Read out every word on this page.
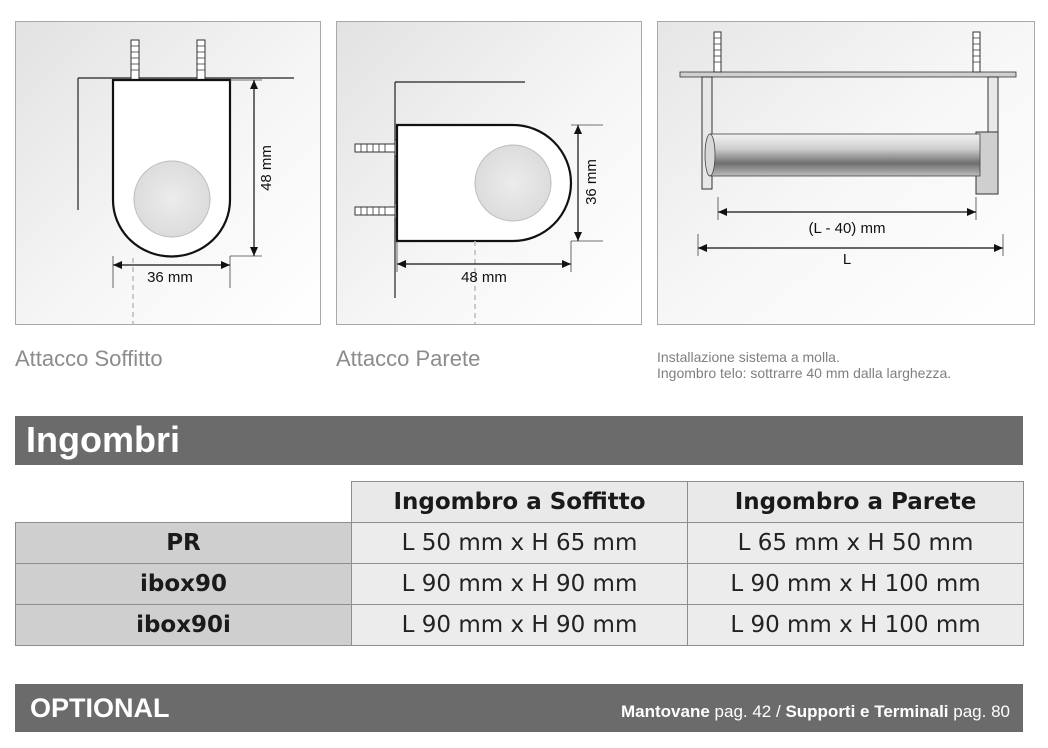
48 mm
36 mm
36 mm
48 mm
(L - 40) mm
L
Attacco Soffitto	Attacco Parete	Installazione sistema a molla.
Ingombro telo: sottrarre 40 mm dalla larghezza.
Ingombri
	Ingombro a Soffitto	Ingombro a Parete
PR	L 50 mm x H 65 mm	L 65 mm x H 50 mm
ibox90	L 90 mm x H 90 mm	L 90 mm x H 100 mm
ibox90i	L 90 mm x H 90 mm	L 90 mm x H 100 mm
OPTIONAL	Mantovane pag. 42 / Supporti e Terminali pag. 80
